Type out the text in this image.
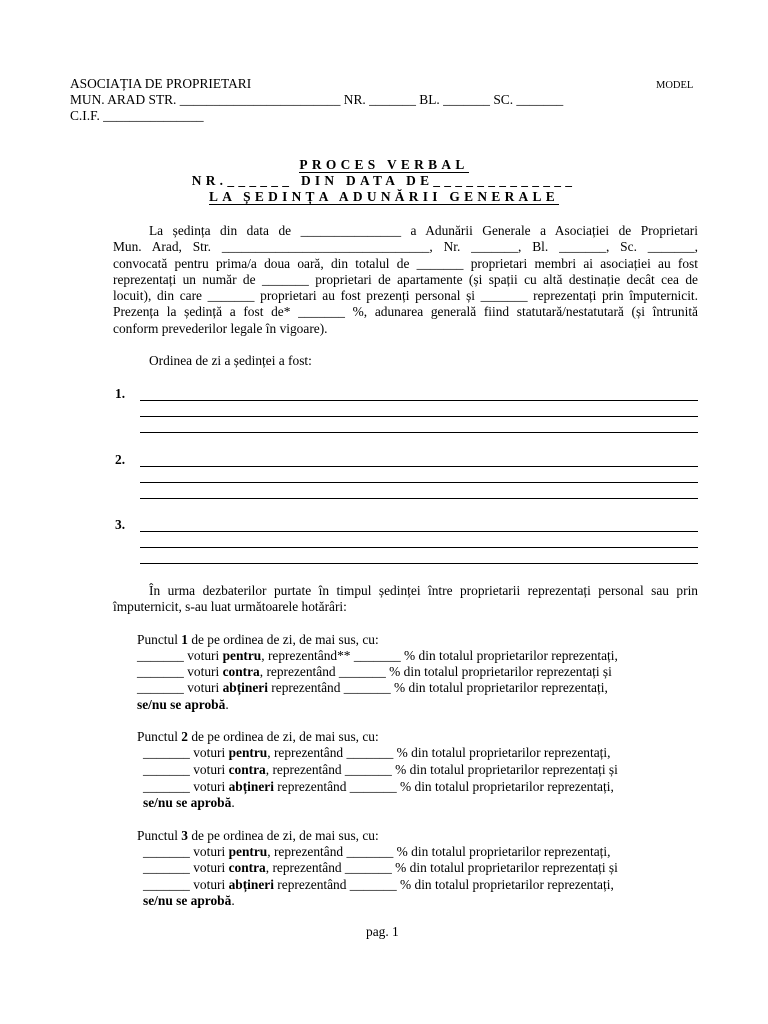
ASOCIAȚIA DE PROPRIETARI	MODEL
MUN. ARAD STR. ________________________ NR. _______ BL. _______ SC. _______
C.I.F. _______________
PROCES VERBAL
NR.______ DIN DATA DE_____________
LA ȘEDINȚA ADUNĂRII GENERALE
La ședința din data de _______________ a Adunării Generale a Asociației de Proprietari
Mun. Arad, Str. _______________________________, Nr. _______, Bl. _______, Sc. _______,
convocată pentru prima/a doua oară, din totalul de _______ proprietari membri ai asociației au fost
reprezentați un număr de _______ proprietari de apartamente (și spații cu altă destinație decât cea de
locuit), din care _______ proprietari au fost prezenți personal și _______ reprezentați prin împuternicit.
Prezența la ședință a fost de* _______ %, adunarea generală fiind statutară/nestatutară (și întrunită
conform prevederilor legale în vigoare).
Ordinea de zi a ședinței a fost:
1.
2.
3.
În urma dezbaterilor purtate în timpul ședinței între proprietarii reprezentați personal sau prin
împuternicit, s-au luat următoarele hotărâri:
Punctul 1 de pe ordinea de zi, de mai sus, cu:
_______ voturi pentru, reprezentând** _______ % din totalul proprietarilor reprezentați,
_______ voturi contra, reprezentând _______ % din totalul proprietarilor reprezentați și
_______ voturi abțineri reprezentând _______ % din totalul proprietarilor reprezentați,
se/nu se aprobă.
Punctul 2 de pe ordinea de zi, de mai sus, cu:
_______ voturi pentru, reprezentând _______ % din totalul proprietarilor reprezentați,
_______ voturi contra, reprezentând _______ % din totalul proprietarilor reprezentați și
_______ voturi abțineri reprezentând _______ % din totalul proprietarilor reprezentați,
se/nu se aprobă.
Punctul 3 de pe ordinea de zi, de mai sus, cu:
_______ voturi pentru, reprezentând _______ % din totalul proprietarilor reprezentați,
_______ voturi contra, reprezentând _______ % din totalul proprietarilor reprezentați și
_______ voturi abțineri reprezentând _______ % din totalul proprietarilor reprezentați,
se/nu se aprobă.
pag. 1
